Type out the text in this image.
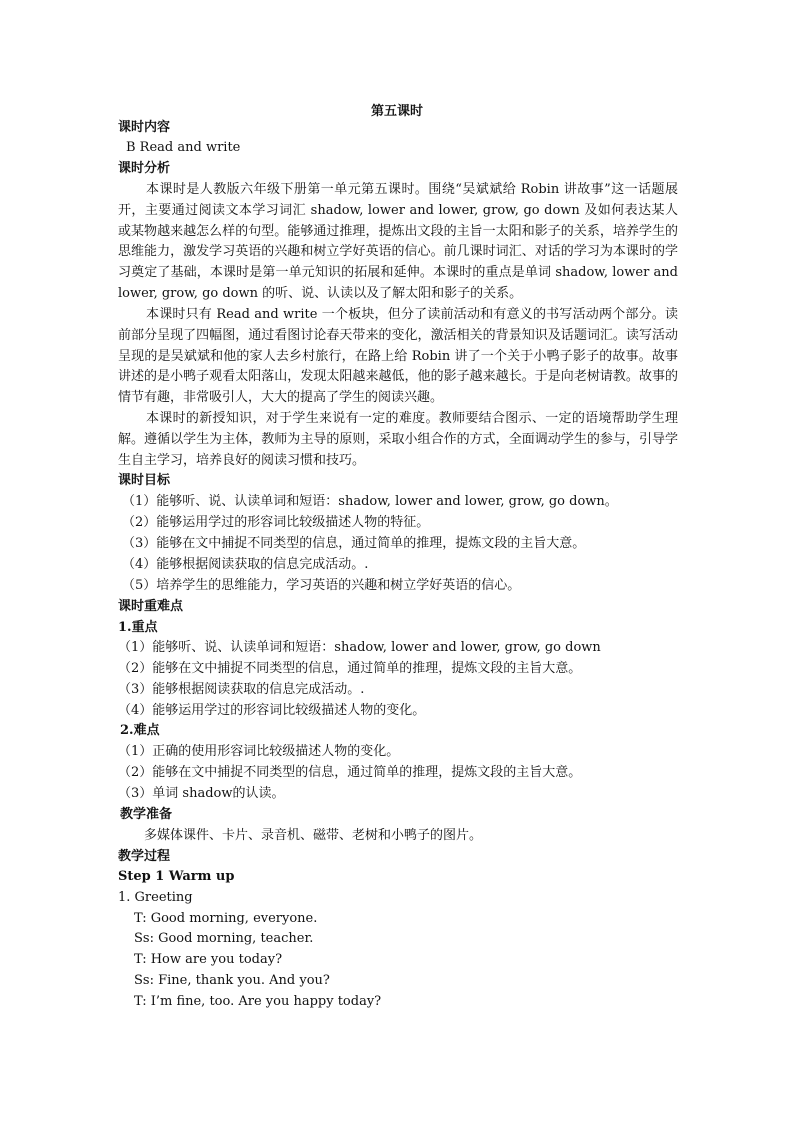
第五课时
课时内容
B Read and write
课时分析

本课时是人教版六年级下册第一单元第五课时。围绕“吴斌斌给 Robin 讲故事”这一话题展开，主要通过阅读文本学习词汇 shadow, lower and lower, grow, go down 及如何表达某人或某物越来越怎么样的句型。能够通过推理，提炼出文段的主旨一太阳和影子的关系，培养学生的思维能力，激发学习英语的兴趣和树立学好英语的信心。前几课时词汇、对话的学习为本课时的学习奠定了基础，本课时是第一单元知识的拓展和延伸。本课时的重点是单词 shadow, lower and lower, grow, go down 的听、说、认读以及了解太阳和影子的关系。

本课时只有 Read and write 一个板块，但分了读前活动和有意义的书写活动两个部分。读前部分呈现了四幅图，通过看图讨论春天带来的变化，激活相关的背景知识及话题词汇。读写活动呈现的是吴斌斌和他的家人去乡村旅行，在路上给 Robin 讲了一个关于小鸭子影子的故事。故事讲述的是小鸭子观看太阳落山，发现太阳越来越低，他的影子越来越长。于是向老树请教。故事的情节有趣，非常吸引人，大大的提高了学生的阅读兴趣。

本课时的新授知识，对于学生来说有一定的难度。教师要结合图示、一定的语境帮助学生理解。遵循以学生为主体，教师为主导的原则，采取小组合作的方式，全面调动学生的参与，引导学生自主学习，培养良好的阅读习惯和技巧。

课时目标
（1）能够听、说、认读单词和短语：shadow, lower and lower, grow, go down。
（2）能够运用学过的形容词比较级描述人物的特征。
（3）能够在文中捕捉不同类型的信息，通过简单的推理，提炼文段的主旨大意。
（4）能够根据阅读获取的信息完成活动。.
（5）培养学生的思维能力，学习英语的兴趣和树立学好英语的信心。
课时重难点
1.重点
（1）能够听、说、认读单词和短语：shadow, lower and lower, grow, go down
（2）能够在文中捕捉不同类型的信息，通过简单的推理，提炼文段的主旨大意。
（3）能够根据阅读获取的信息完成活动。.
（4）能够运用学过的形容词比较级描述人物的变化。
2.难点
（1）正确的使用形容词比较级描述人物的变化。
（2）能够在文中捕捉不同类型的信息，通过简单的推理，提炼文段的主旨大意。
（3）单词 shadow的认读。
教学准备
多媒体课件、卡片、录音机、磁带、老树和小鸭子的图片。
教学过程
Step 1 Warm up
1. Greeting
T: Good morning, everyone.
Ss: Good morning, teacher.
T: How are you today?
Ss: Fine, thank you. And you?
T: I’m fine, too. Are you happy today?
